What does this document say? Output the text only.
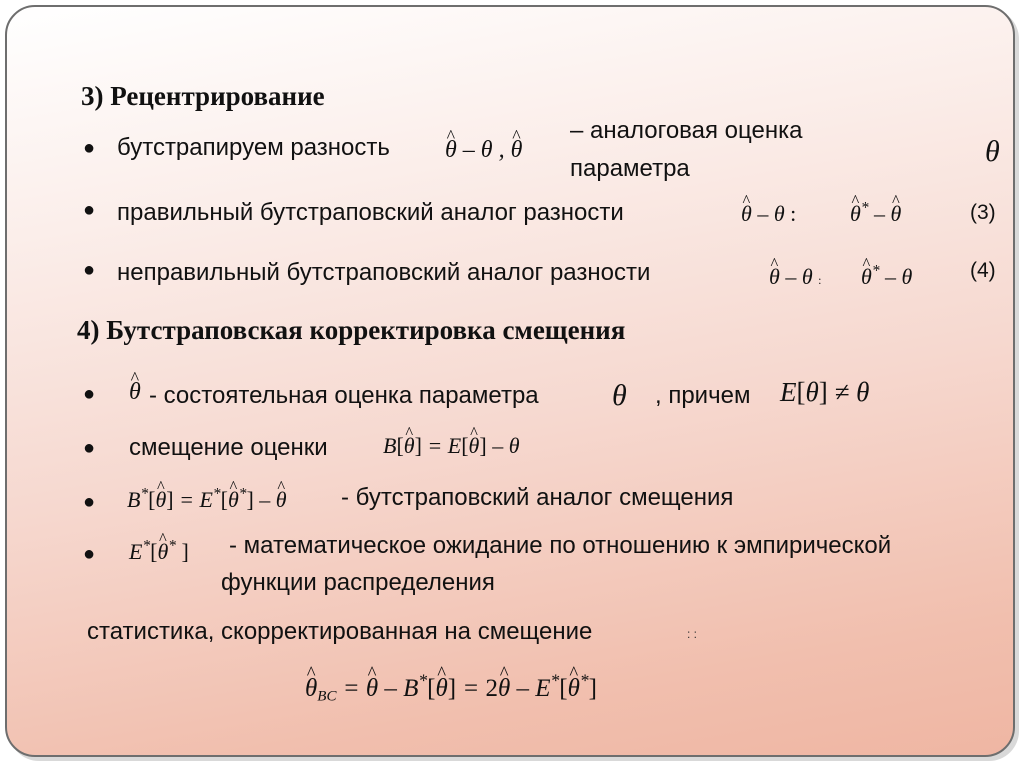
3) Рецентрирование
● бутстрапируем разность ^ θ – θ , ^ θ
– аналоговая оценка
параметра
θ
● правильный бутстраповский аналог разности	^ θ – θ : ^ θ* – ^ θ	(3)
● неправильный бутстраповский аналог разности	^ θ – θ : ^ θ* – θ	(4)
4) Бутстраповская корректировка смещения
● ^ θ - состоятельная оценка параметра θ , причем E[θ] ≠ θ
● смещение оценки	B[^ θ] = E[^ θ] – θ
● B*[^ θ] = E*[^ θ*] – ^ θ - бутстраповский аналог смещения
● E*[^ θ* ] - математическое ожидание по отношению к эмпирической
функции распределения
статистика, скорректированная на смещение	: :
^ $\theta_{BC}$ = ^ θ – B*[^ θ] = 2^ θ – E*[^ θ*]
